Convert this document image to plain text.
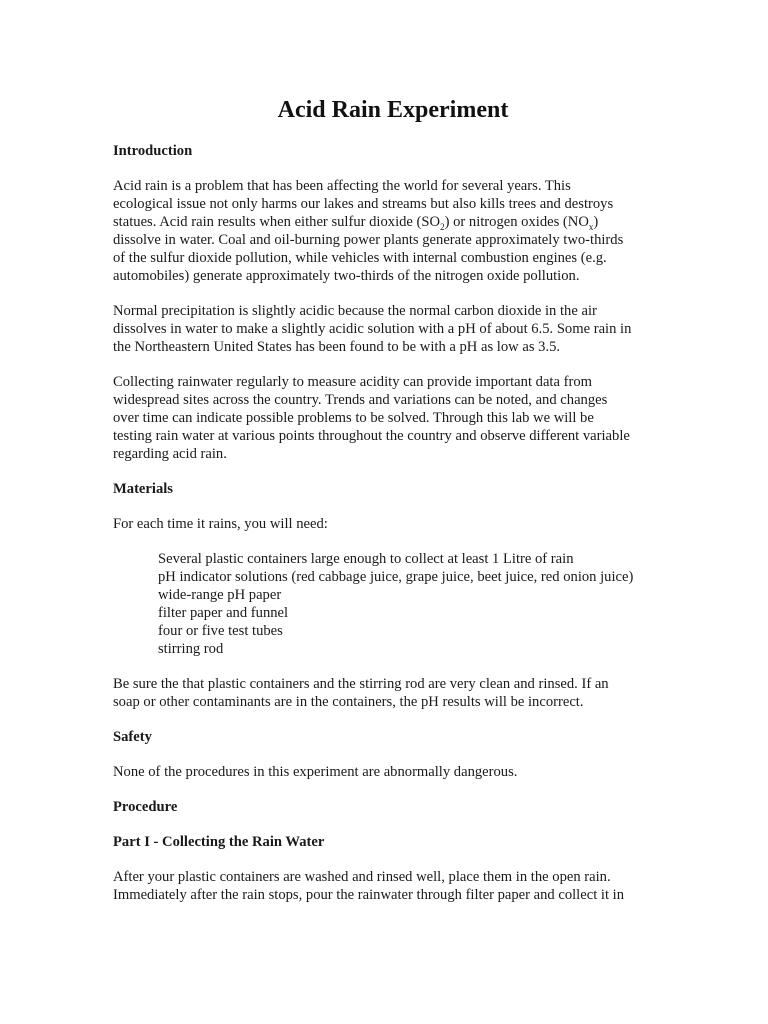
Acid Rain Experiment
Introduction

Acid rain is a problem that has been affecting the world for several years. This
ecological issue not only harms our lakes and streams but also kills trees and destroys
statues. Acid rain results when either sulfur dioxide $(SO_2)$ or nitrogen oxides $(NO_x)$
dissolve in water. Coal and oil-burning power plants generate approximately two-thirds
of the sulfur dioxide pollution, while vehicles with internal combustion engines (e.g.
automobiles) generate approximately two-thirds of the nitrogen oxide pollution.

Normal precipitation is slightly acidic because the normal carbon dioxide in the air
dissolves in water to make a slightly acidic solution with a pH of about 6.5. Some rain in
the Northeastern United States has been found to be with a pH as low as 3.5.

Collecting rainwater regularly to measure acidity can provide important data from
widespread sites across the country. Trends and variations can be noted, and changes
over time can indicate possible problems to be solved. Through this lab we will be
testing rain water at various points throughout the country and observe different variable
regarding acid rain.

Materials

For each time it rains, you will need:

Several plastic containers large enough to collect at least 1 Litre of rain
pH indicator solutions (red cabbage juice, grape juice, beet juice, red onion juice)
wide-range pH paper
filter paper and funnel
four or five test tubes
stirring rod

Be sure the that plastic containers and the stirring rod are very clean and rinsed. If an
soap or other contaminants are in the containers, the pH results will be incorrect.

Safety

None of the procedures in this experiment are abnormally dangerous.

Procedure
Part I - Collecting the Rain Water

After your plastic containers are washed and rinsed well, place them in the open rain.
Immediately after the rain stops, pour the rainwater through filter paper and collect it in
